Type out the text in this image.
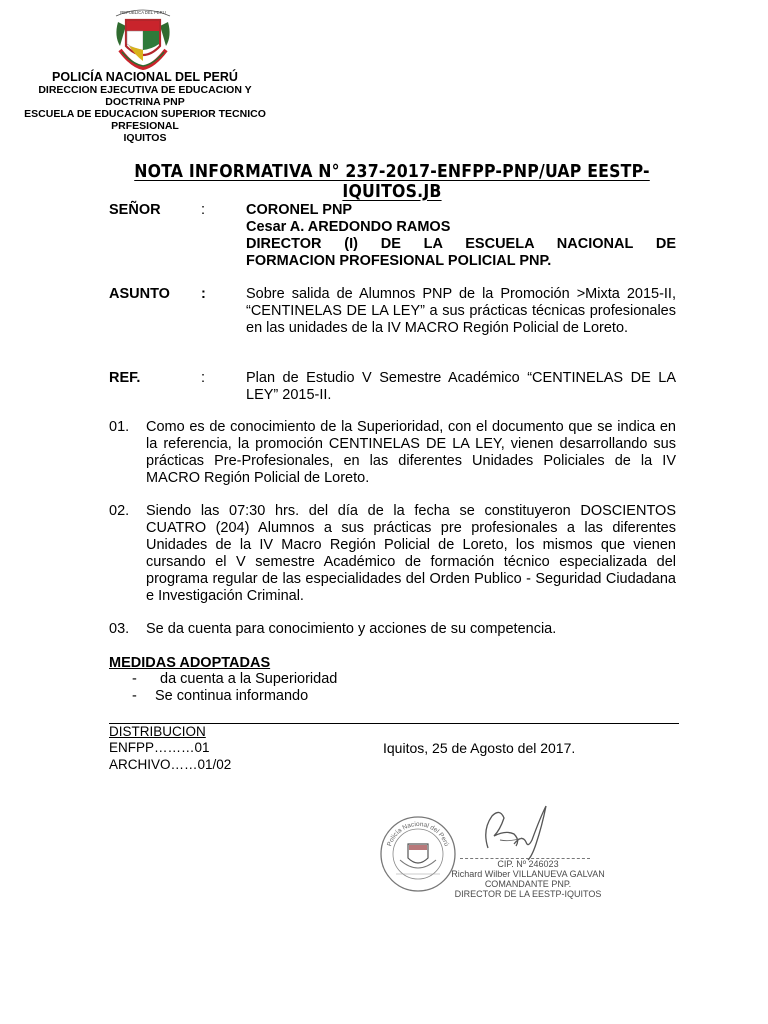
REPUBLICA DEL PERU
POLICÍA NACIONAL DEL PERÚ
DIRECCION EJECUTIVA DE EDUCACION Y
DOCTRINA PNP
ESCUELA DE EDUCACION SUPERIOR TECNICO
PRFESIONAL
IQUITOS
NOTA INFORMATIVA N° 237-2017-ENFPP-PNP/UAP EESTP-IQUITOS.JB
SEÑOR	:	CORONEL PNP
Cesar A. AREDONDO RAMOS
DIRECTOR (I) DE LA ESCUELA NACIONAL DE
FORMACION PROFESIONAL POLICIAL PNP.
ASUNTO :	Sobre salida de Alumnos PNP de la Promoción >Mixta 2015-II, “CENTINELAS DE LA LEY” a sus prácticas técnicas profesionales en las unidades de la IV MACRO Región Policial de Loreto.
REF.	:	Plan de Estudio V Semestre Académico “CENTINELAS DE LA LEY” 2015-II.
01. Como es de conocimiento de la Superioridad, con el documento que se indica en la referencia, la promoción CENTINELAS DE LA LEY, vienen desarrollando sus prácticas Pre-Profesionales, en las diferentes Unidades Policiales de la IV MACRO Región Policial de Loreto.
02. Siendo las 07:30 hrs. del día de la fecha se constituyeron DOSCIENTOS CUATRO (204) Alumnos a sus prácticas pre profesionales a las diferentes Unidades de la IV Macro Región Policial de Loreto, los mismos que vienen cursando el V semestre Académico de formación técnico especializada del programa regular de las especialidades del Orden Publico - Seguridad Ciudadana e Investigación Criminal.
03. Se da cuenta para conocimiento y acciones de su competencia.
MEDIDAS ADOPTADAS
- da cuenta a la Superioridad
- Se continua informando
DISTRIBUCION
ENFPP………01
ARCHIVO……01/02
Iquitos, 25 de Agosto del 2017.
Policía Nacional del Perú
CIP. Nº 246023
Richard Wilber VILLANUEVA GALVAN
COMANDANTE PNP.
DIRECTOR DE LA EESTP-IQUITOS
